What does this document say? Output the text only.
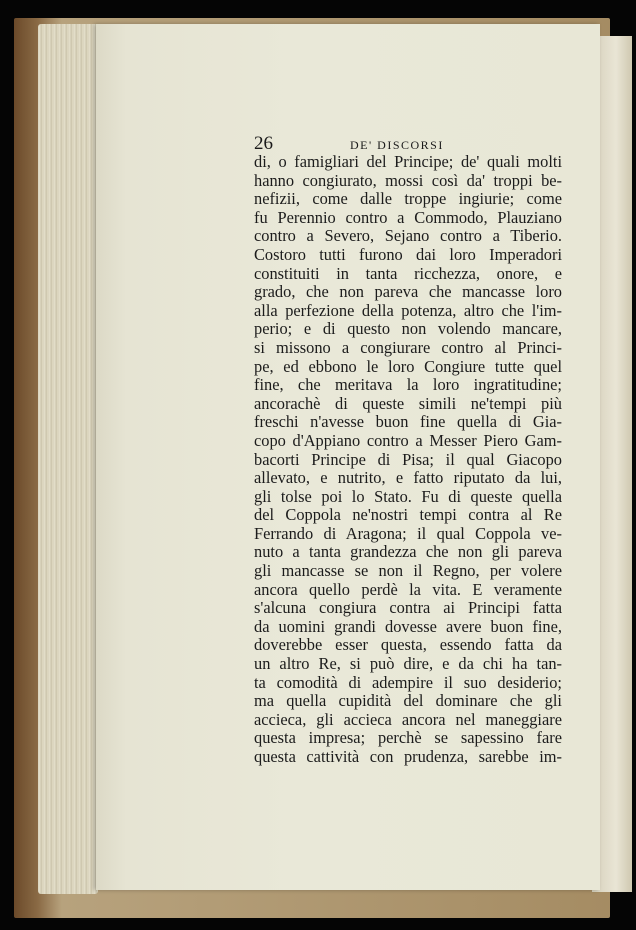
26	DE' DISCORSI
di, o famigliari del Principe; de' quali molti
hanno congiurato, mossi così da' troppi be-
nefizii, come dalle troppe ingiurie; come
fu Perennio contro a Commodo, Plauziano
contro a Severo, Sejano contro a Tiberio.
Costoro tutti furono dai loro Imperadori
constituiti in tanta ricchezza, onore, e
grado, che non pareva che mancasse loro
alla perfezione della potenza, altro che l'im-
perio; e di questo non volendo mancare,
si missono a congiurare contro al Princi-
pe, ed ebbono le loro Congiure tutte quel
fine, che meritava la loro ingratitudine;
ancorachè di queste simili ne'tempi più
freschi n'avesse buon fine quella di Gia-
copo d'Appiano contro a Messer Piero Gam-
bacorti Principe di Pisa; il qual Giacopo
allevato, e nutrito, e fatto riputato da lui,
gli tolse poi lo Stato. Fu di queste quella
del Coppola ne'nostri tempi contra al Re
Ferrando di Aragona; il qual Coppola ve-
nuto a tanta grandezza che non gli pareva
gli mancasse se non il Regno, per volere
ancora quello perdè la vita. E veramente
s'alcuna congiura contra ai Principi fatta
da uomini grandi dovesse avere buon fine,
doverebbe esser questa, essendo fatta da
un altro Re, si può dire, e da chi ha tan-
ta comodità di adempire il suo desiderio;
ma quella cupidità del dominare che gli
accieca, gli accieca ancora nel maneggiare
questa impresa; perchè se sapessino fare
questa cattività con prudenza, sarebbe im-
